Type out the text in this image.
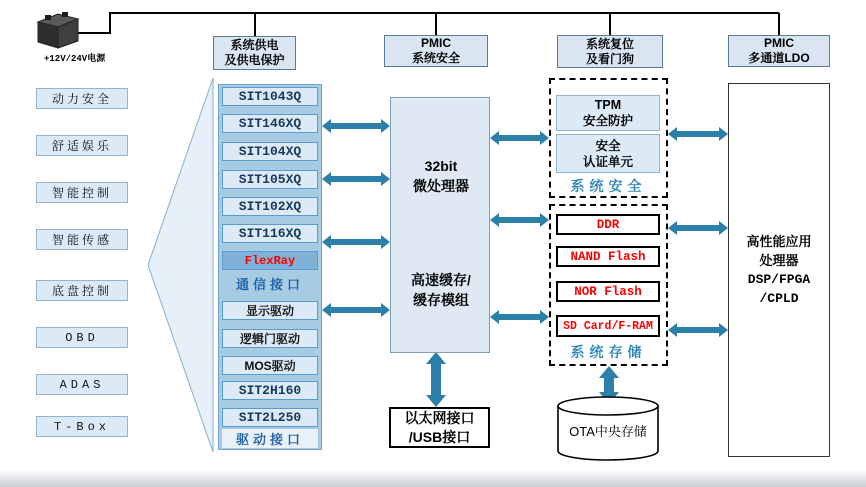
+12V/24V电源
系统供电
及供电保护
PMIC
系统安全
系统复位
及看门狗
PMIC
多通道LDO
动力安全
舒适娱乐
智能控制
智能传感
底盘控制
OBD
ADAS
T-Box
SIT1043Q
SIT146XQ
SIT104XQ
SIT105XQ
SIT102XQ
SIT116XQ
FlexRay
通信接口
显示驱动
逻辑门驱动
MOS驱动
SIT2H160
SIT2L250
驱动接口
32bit
微处理器
高速缓存/
缓存模组
以太网接口
/USB接口
TPM
安全防护
安全
认证单元
系统安全
DDR
NAND Flash
NOR Flash
SD Card/F-RAM
系统存储
OTA中央存储
高性能应用
处理器
DSP/FPGA
/CPLD
